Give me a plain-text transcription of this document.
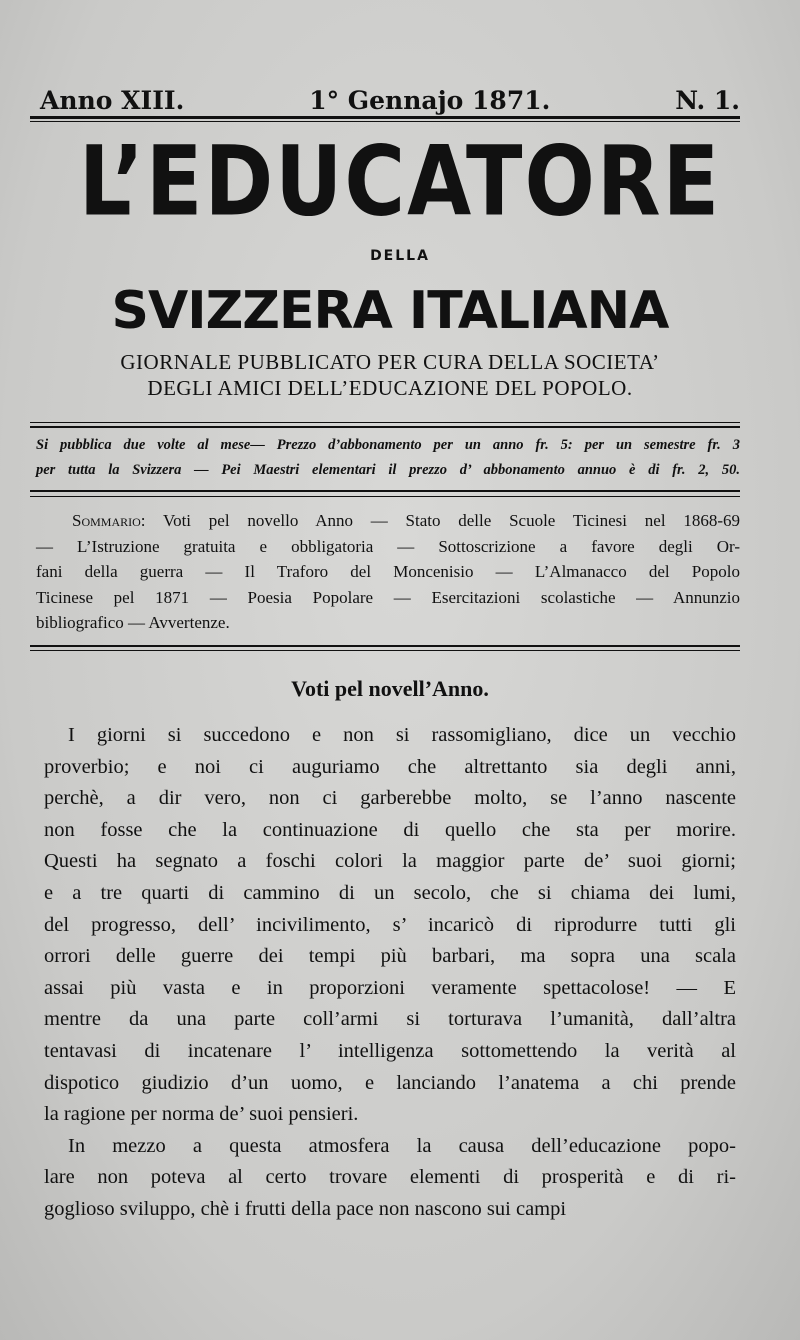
Anno XIII.	1° Gennajo 1871.	N. 1.
L’EDUCATORE
DELLA
SVIZZERA ITALIANA
GIORNALE PUBBLICATO PER CURA DELLA SOCIETA’
DEGLI AMICI DELL’EDUCAZIONE DEL POPOLO.
Si pubblica due volte al mese— Prezzo d’abbonamento per un anno fr. 5: per un semestre fr. 3
per tutta la Svizzera — Pei Maestri elementari il prezzo d’ abbonamento annuo è di fr. 2, 50.
Sommario: Voti pel novello Anno — Stato delle Scuole Ticinesi nel 1868-69
— L’Istruzione gratuita e obbligatoria — Sottoscrizione a favore degli Or-
fani della guerra — Il Traforo del Moncenisio — L’Almanacco del Popolo
Ticinese pel 1871 — Poesia Popolare — Esercitazioni scolastiche — Annunzio
bibliografico — Avvertenze.
Voti pel novell’Anno.
I giorni si succedono e non si rassomigliano, dice un vecchio
proverbio; e noi ci auguriamo che altrettanto sia degli anni,
perchè, a dir vero, non ci garberebbe molto, se l’anno nascente
non fosse che la continuazione di quello che sta per morire.
Questi ha segnato a foschi colori la maggior parte de’ suoi giorni;
e a tre quarti di cammino di un secolo, che si chiama dei lumi,
del progresso, dell’ incivilimento, s’ incaricò di riprodurre tutti gli
orrori delle guerre dei tempi più barbari, ma sopra una scala
assai più vasta e in proporzioni veramente spettacolose! — E
mentre da una parte coll’armi si torturava l’umanità, dall’altra
tentavasi di incatenare l’ intelligenza sottomettendo la verità al
dispotico giudizio d’un uomo, e lanciando l’anatema a chi prende
la ragione per norma de’ suoi pensieri.
In mezzo a questa atmosfera la causa dell’educazione popo-
lare non poteva al certo trovare elementi di prosperità e di ri-
goglioso sviluppo, chè i frutti della pace non nascono sui campi
